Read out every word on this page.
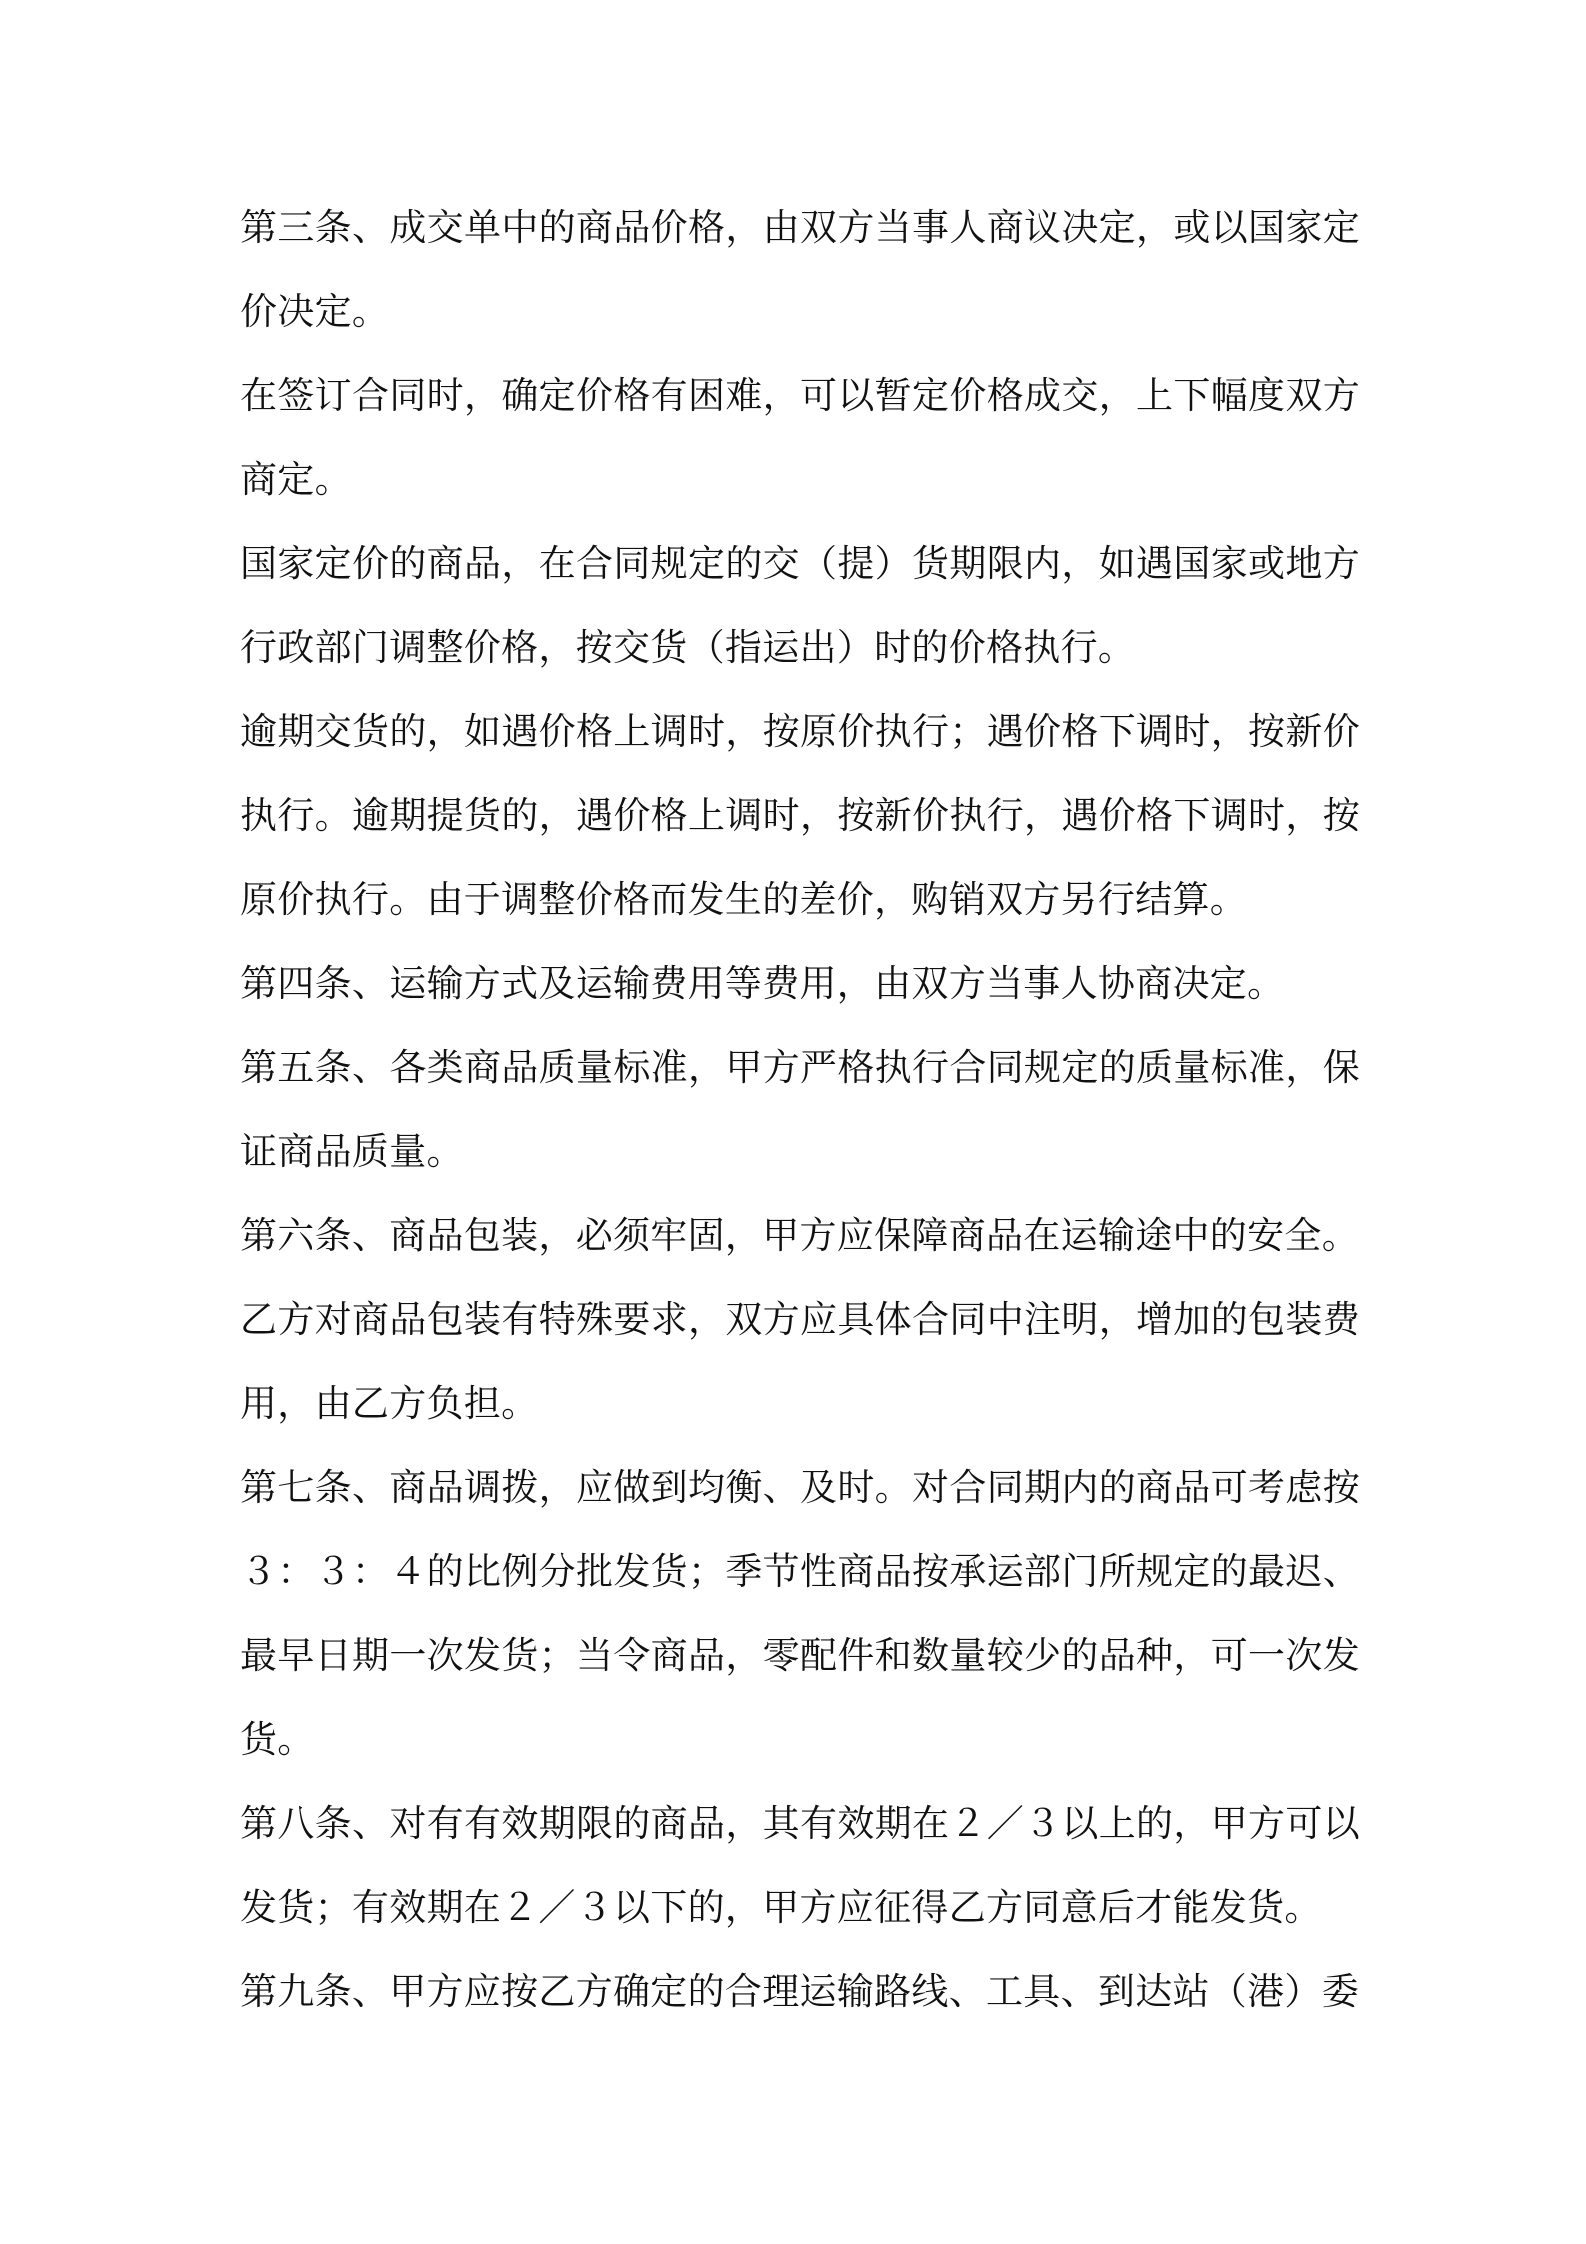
第三条、成交单中的商品价格，由双方当事人商议决定，或以国家定价决定。

在签订合同时，确定价格有困难，可以暂定价格成交，上下幅度双方商定。

国家定价的商品，在合同规定的交（提）货期限内，如遇国家或地方行政部门调整价格，按交货（指运出）时的价格执行。

逾期交货的，如遇价格上调时，按原价执行；遇价格下调时，按新价执行。逾期提货的，遇价格上调时，按新价执行，遇价格下调时，按原价执行。由于调整价格而发生的差价，购销双方另行结算。

第四条、运输方式及运输费用等费用，由双方当事人协商决定。

第五条、各类商品质量标准，甲方严格执行合同规定的质量标准，保证商品质量。

第六条、商品包装，必须牢固，甲方应保障商品在运输途中的安全。

乙方对商品包装有特殊要求，双方应具体合同中注明，增加的包装费用，由乙方负担。

第七条、商品调拨，应做到均衡、及时。对合同期内的商品可考虑按３：３：４的比例分批发货；季节性商品按承运部门所规定的最迟、最早日期一次发货；当令商品，零配件和数量较少的品种，可一次发货。

第八条、对有有效期限的商品，其有效期在２／３以上的，甲方可以发货；有效期在２／３以下的，甲方应征得乙方同意后才能发货。

第九条、甲方应按乙方确定的合理运输路线、工具、到达站（港）委
